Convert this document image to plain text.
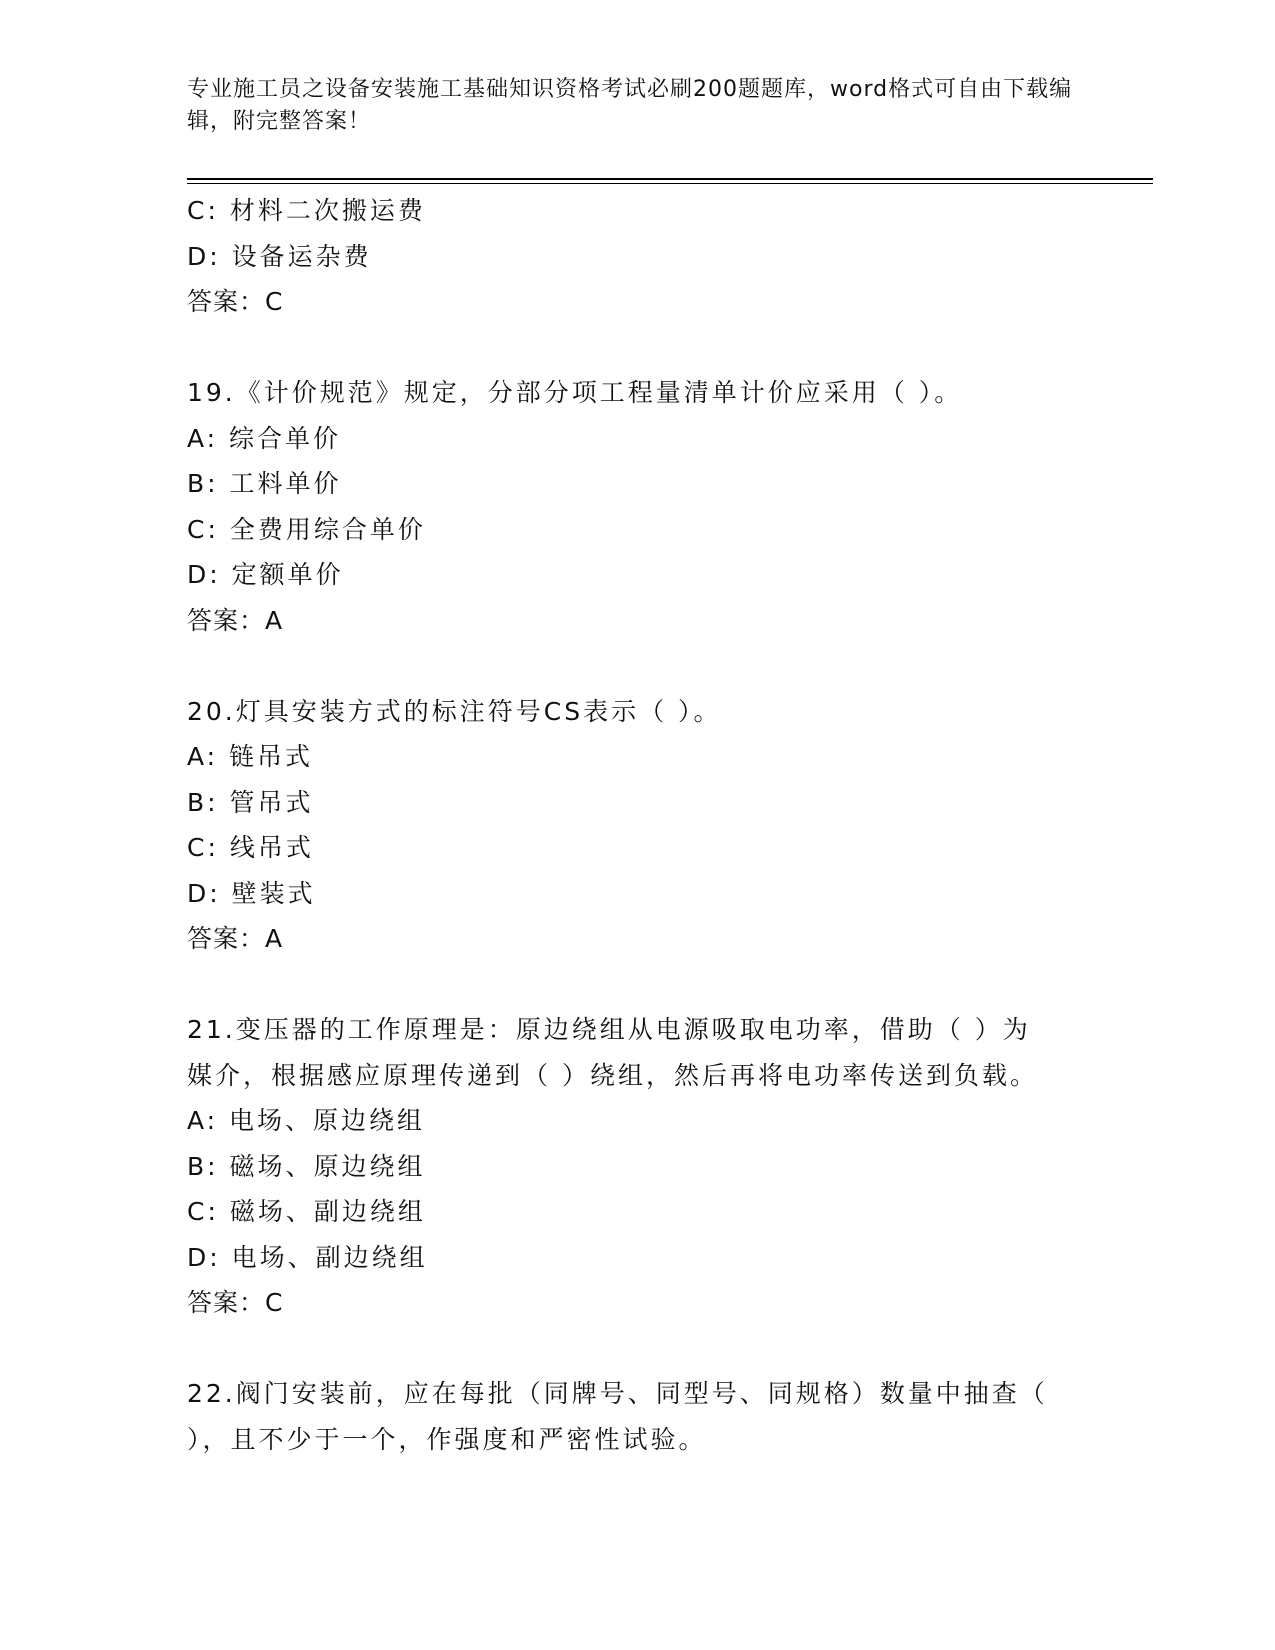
专业施工员之设备安装施工基础知识资格考试必刷200题题库，word格式可自由下载编辑，附完整答案！

C: 材料二次搬运费
D: 设备运杂费
答案：C
19.《计价规范》规定，分部分项工程量清单计价应采用（ ）。
A: 综合单价
B: 工料单价
C: 全费用综合单价
D: 定额单价
答案：A
20.灯具安装方式的标注符号CS表示（ ）。
A: 链吊式
B: 管吊式
C: 线吊式
D: 壁装式
答案：A
21.变压器的工作原理是：原边绕组从电源吸取电功率，借助（ ）为
媒介，根据感应原理传递到（ ）绕组，然后再将电功率传送到负载。
A: 电场、原边绕组
B: 磁场、原边绕组
C: 磁场、副边绕组
D: 电场、副边绕组
答案：C
22.阀门安装前，应在每批（同牌号、同型号、同规格）数量中抽查（
），且不少于一个，作强度和严密性试验。
